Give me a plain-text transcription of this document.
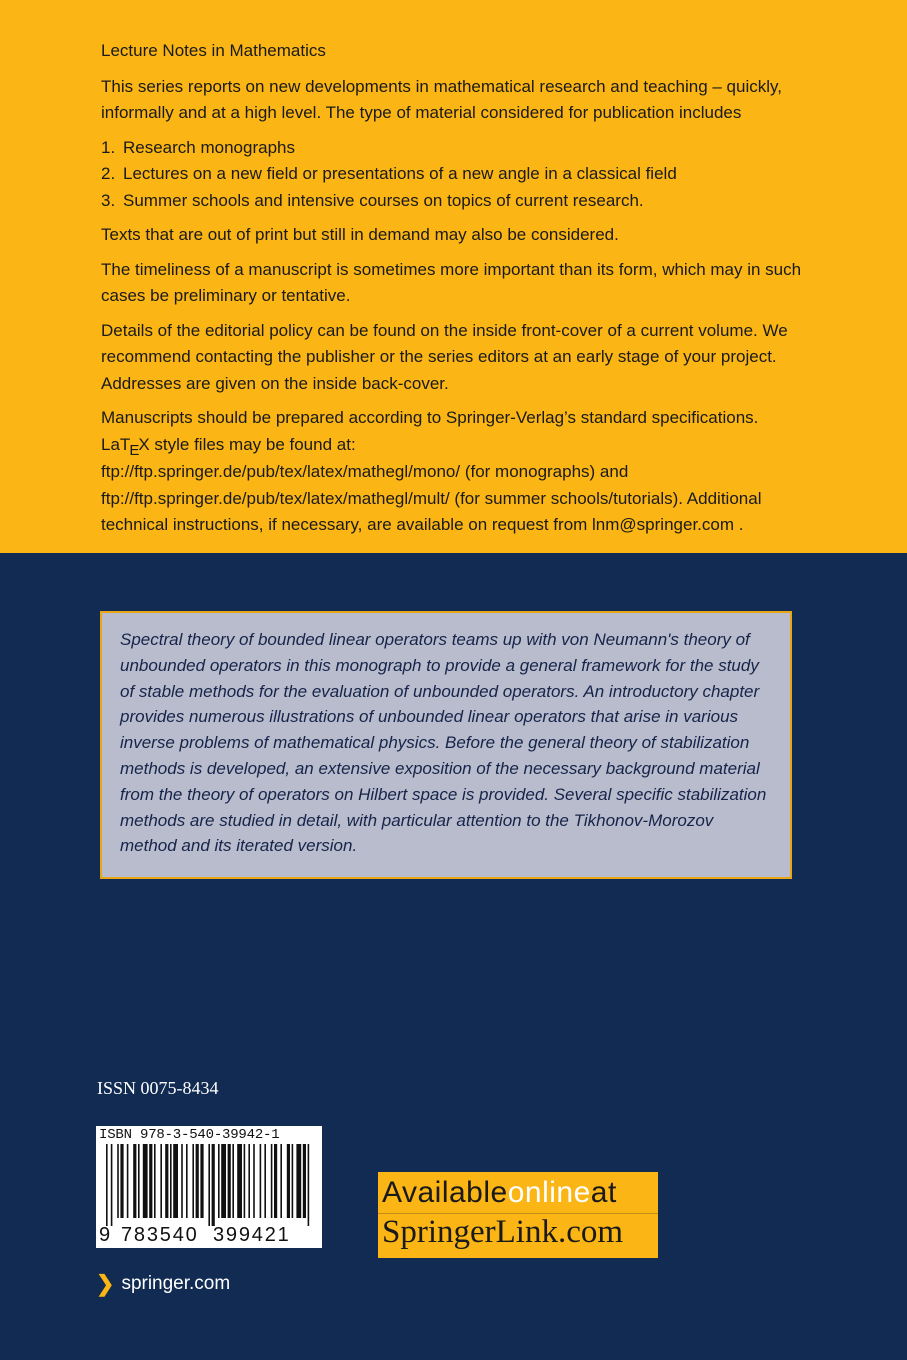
Lecture Notes in Mathematics

This series reports on new developments in mathematical research and teaching – quickly, informally and at a high level. The type of material considered for publication includes

1. Research monographs
2. Lectures on a new field or presentations of a new angle in a classical field
3. Summer schools and intensive courses on topics of current research.

Texts that are out of print but still in demand may also be considered.

The timeliness of a manuscript is sometimes more important than its form, which may in such cases be preliminary or tentative.

Details of the editorial policy can be found on the inside front-cover of a current volume. We recommend contacting the publisher or the series editors at an early stage of your project. Addresses are given on the inside back-cover.

Manuscripts should be prepared according to Springer-Verlag’s standard specifications.
LaTEX style files may be found at:
ftp://ftp.springer.de/pub/tex/latex/mathegl/mono/ (for monographs) and
ftp://ftp.springer.de/pub/tex/latex/mathegl/mult/ (for summer schools/tutorials). Additional technical instructions, if necessary, are available on request from lnm@springer.com .

Spectral theory of bounded linear operators teams up with von Neumann's theory of unbounded operators in this monograph to provide a general framework for the study of stable methods for the evaluation of unbounded operators. An introductory chapter provides numerous illustrations of unbounded linear operators that arise in various inverse problems of mathematical physics. Before the general theory of stabilization methods is developed, an extensive exposition of the necessary background material from the theory of operators on Hilbert space is provided. Several specific stabilization methods are studied in detail, with particular attention to the Tikhonov-Morozov method and its iterated version.
ISSN 0075-8434
ISBN 978-3-540-39942-1
9 783540 399421
❯ springer.com
Availableonlineat
SpringerLink.com
